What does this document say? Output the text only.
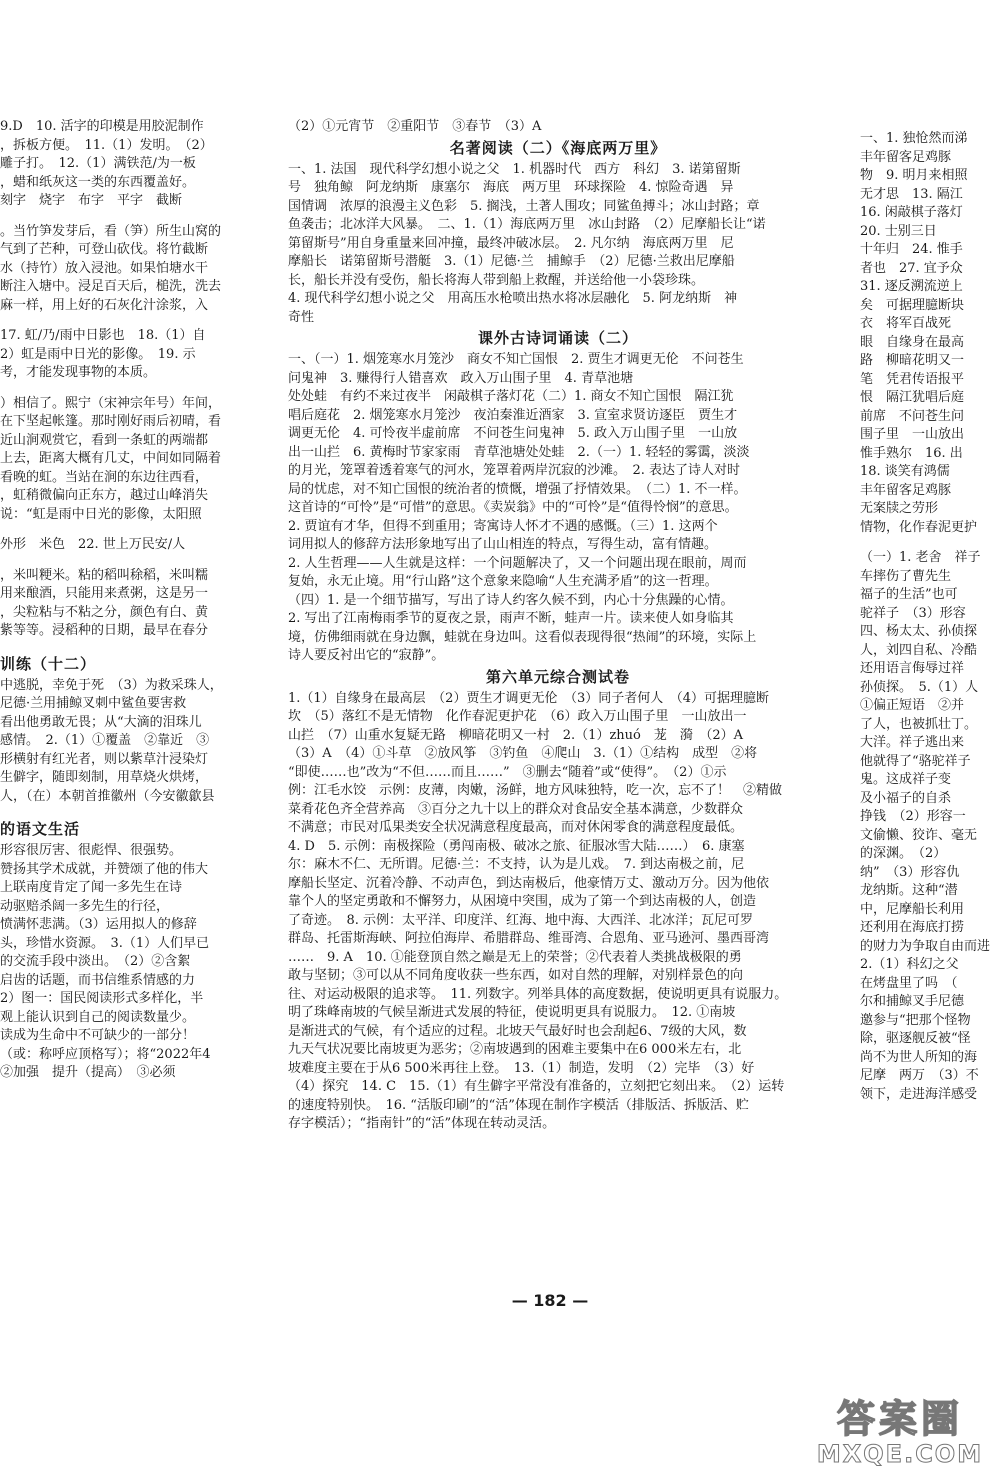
9.D　10. 活字的印模是用胶泥制作
，拆板方便。　11.（1）发明。　（2）
雕子打。　12.（1）满铁范/为一板
，蜡和纸灰这一类的东西覆盖好。
刻字　烧字　布字　平字　截断
。当竹笋发芽后，看（笋）所生山窝的
气到了芒种，可登山砍伐。将竹截断
水（持竹）放入浸池。如果怕塘水干
断注入塘中。浸足百天后，槌洗，洗去
麻一样，用上好的石灰化汁涂浆，入
17. 虹/乃/雨中日影也　18.（1）自
2）虹是雨中日光的影像。　19. 示
考，才能发现事物的本质。
）相信了。熙宁（宋神宗年号）年间，
在下坚起帐篷。那时刚好雨后初晴，看
近山涧观赏它，看到一条虹的两端都
上去，距离大概有几丈，中间如同隔着
看晚的虹。当站在涧的东边往西看，
，虹稍微偏向正东方，越过山峰消失
说：“虹是雨中日光的影像，太阳照
外形　米色　22. 世上万民安/人
，米叫粳米。粘的稻叫稌稻，米叫糯
用来酿酒，只能用来煮粥，这是另一
，尖粒粘与不粘之分，颜色有白、黄
紫等等。浸稻种的日期，最早在春分
训练（十二）
中逃脱，幸免于死　（3）为救采珠人，
尼德·兰用捕鲸叉刺中鲨鱼要害救
看出他勇敢无畏；从“大滴的泪珠儿
感情。　2.（1）①覆盖　②靠近　③
形横射有红光者，则以紫草汁浸染灯
生僻字，随即刻制，用草烧火烘烤，
人，（在）本朝首推徽州（今安徽歙县
的语文生活
形容很厉害、很彪悍、很强势。
赞扬其学术成就，并赞颂了他的伟大
上联南度肯定了闻一多先生在诗
动驱赔杀阔一多先生的行径，
愤满怀悲满。（3）运用拟人的修辞
头，珍惜水资源。　3.（1）人们早已
的交流手段中淡出。　（2）②含絮
启齿的话题，而书信维系情感的力
2）图一：国民阅读形式多样化，半
观上能认识到自己的阅读数量少。
读成为生命中不可缺少的一部分！
（或：称呼应顶格写）；将“2022年4
②加强　提升（提高）　③必须
（2）①元宵节　②重阳节　③春节　（3）A
名著阅读（二）《海底两万里》
一、1. 法国　现代科学幻想小说之父　1. 机器时代　西方　科幻　3. 诺第留斯
号　独角鲸　阿龙纳斯　康塞尔　海底　两万里　环球探险　4. 惊险奇遇　异
国情调　浓厚的浪漫主义色彩　5. 搁浅，土著人围攻；同鲨鱼搏斗；冰山封路；章
鱼袭击；北冰洋大风暴。　二、1.（1）海底两万里　冰山封路　（2）尼摩船长让“诺
第留斯号”用自身重量来回冲撞，最终冲破冰层。　2. 凡尔纳　海底两万里　尼
摩船长　诺第留斯号潜艇　3.（1）尼德·兰　捕鲸手　（2）尼德·兰救出尼摩船
长，船长并没有受伤，船长将海人带到船上救醒，并送给他一小袋珍珠。
4. 现代科学幻想小说之父　用高压水枪喷出热水将冰层融化　5. 阿龙纳斯　神
奇性
课外古诗词诵读（二）
一、（一）1. 烟笼寒水月笼沙　商女不知亡国恨　2. 贾生才调更无伦　不问苍生
问鬼神　3. 赚得行人错喜欢　政入万山围子里　4. 青草池塘
处处蛙　有约不来过夜半　闲敲棋子落灯花（二）1. 商女不知亡国恨　隔江犹
唱后庭花　2. 烟笼寒水月笼沙　夜泊秦淮近酒家　3. 宣室求贤访逐臣　贾生才
调更无伦　4. 可怜夜半虚前席　不问苍生问鬼神　5. 政入万山围子里　一山放
出一山拦　6. 黄梅时节家家雨　青草池塘处处蛙　2.（一）1. 轻轻的雾霭，淡淡
的月光，笼罩着透着寒气的河水，笼罩着两岸沉寂的沙滩。　2. 表达了诗人对时
局的忧虑，对不知亡国恨的统治者的愤慨，增强了抒情效果。　（二）1. 不一样。
这首诗的“可怜”是“可惜”的意思。《卖炭翁》中的“可怜”是“值得怜悯”的意思。
2. 贾谊有才华，但得不到重用；寄寓诗人怀才不遇的感慨。（三）1. 这两个
词用拟人的修辞方法形象地写出了山山相连的特点，写得生动，富有情趣。
2. 人生哲理——人生就是这样：一个问题解决了，又一个问题出现在眼前，周而
复始，永无止境。用“行山路”这个意象来隐喻“人生充满矛盾”的这一哲理。
（四）1. 是一个细节描写，写出了诗人约客久候不到，内心十分焦躁的心情。
2. 写出了江南梅雨季节的夏夜之景，雨声不断，蛙声一片。读来使人如身临其
境，仿佛细雨就在身边飘，蛙就在身边叫。这看似表现得很“热闹”的环境，实际上
诗人要反衬出它的“寂静”。
第六单元综合测试卷
1.（1）自缘身在最高层　（2）贾生才调更无伦　（3）同子者何人　（4）可据理臆断
坎　（5）落红不是无情物　化作春泥更护花　（6）政入万山围子里　一山放出一
山拦　（7）山重水复疑无路　柳暗花明又一村　2.（1）zhuó　茏　漪　（2）A
（3）A　（4）①斗草　②放风筝　③钓鱼　④爬山　3.（1）①结构　成型　②将
“即使……也”改为“不但……而且……”　③删去“随着”或“使得”。　（2）①示
例：江毛水饺　示例：皮薄，肉嫩，汤鲜，地方风味独特，吃一次，忘不了！　②精做
菜肴花色齐全营养高　③百分之九十以上的群众对食品安全基本满意，少数群众
不满意；市民对瓜果类安全状况满意程度最高，而对休闲零食的满意程度最低。
4. D　5. 示例：南极探险（勇闯南极、破冰之旅、征服冰雪大陆……）　6. 康塞
尔：麻木不仁、无所谓。尼德·兰：不支持，认为是儿戏。　7. 到达南极之前，尼
摩船长坚定、沉着冷静、不动声色，到达南极后，他豪情万丈、激动万分。因为他依
靠个人的坚定勇敢和不懈努力，从困境中突围，成为了第一个到达南极的人，创造
了奇迹。　8. 示例：太平洋、印度洋、红海、地中海、大西洋、北冰洋；瓦尼可罗
群岛、托雷斯海峡、阿拉伯海岸、希腊群岛、维哥湾、合恩角、亚马逊河、墨西哥湾
……　9. A　10. ①能登顶自然之巅是无上的荣誉；②代表着人类挑战极限的勇
敢与坚韧；③可以从不同角度收获一些东西，如对自然的理解，对别样景色的向
往、对运动极限的追求等。　11. 列数字。列举具体的高度数据，使说明更具有说服力。
明了珠峰南坡的气候呈渐进式发展的特征，使说明更具有说服力。　12. ①南坡
是渐进式的气候，有个适应的过程。北坡天气最好时也会刮起6、7级的大风，数
九天气状况要比南坡更为恶劣；②南坡遇到的困难主要集中在6 000米左右，北
坡难度主要在于从6 500米再往上登。　13.（1）制造，发明　（2）完毕　（3）好
（4）探究　14. C　15.（1）有生僻字平常没有准备的，立刻把它刻出来。　（2）运转
的速度特别快。　16. “活版印刷”的“活”体现在制作字模活（排版活、拆版活、贮
存字模活）；“指南针”的“活”体现在转动灵活。
一、1. 独怆然而涕
丰年留客足鸡豚
物　9. 明月来相照
无才思　13. 隔江
16. 闲敲棋子落灯
20. 士别三日
十年归　24. 惟手
者也　27. 宜予众
31. 逐反溯流逆上
矣　可据理臆断块
衣　将军百战死
眼　自缘身在最高
路　柳暗花明又一
笔　凭君传语报平
恨　隔江犹唱后庭
前席　不问苍生问
围子里　一山放出
惟手熟尔　16. 出
18. 谈笑有鸿儒
丰年留客足鸡豚
无案牍之劳形
情物，化作春泥更护
（一）1. 老舍　祥子
车摔伤了曹先生
福子的生活”也可
驼祥子　（3）形容
四、杨太太、孙侦探
人，刘四自私、冷酷
还用语言侮辱过祥
孙侦探。　5.（1）人
①偏正短语　②并
了人，也被抓壮丁。
大洋。祥子逃出来
他就得了“骆驼祥子
鬼。这成祥子变
及小福子的自杀
挣钱　（2）形容一
文偷懒、狡诈、毫无
的深渊。　（2）
纳”　（3）形容仇
龙纳斯。这种“潜
中，尼摩船长利用
还利用在海底打捞
的财力为争取自由而进
2.（1）科幻之父
在烤盘里了吗　（
尔和捕鲸叉手尼德
邀参与“把那个怪物
除，驱逐舰反被“怪
尚不为世人所知的海
尼摩　两万　（3）不
领下，走进海洋感受
— 182 —
答案圈
MXQE.COM
